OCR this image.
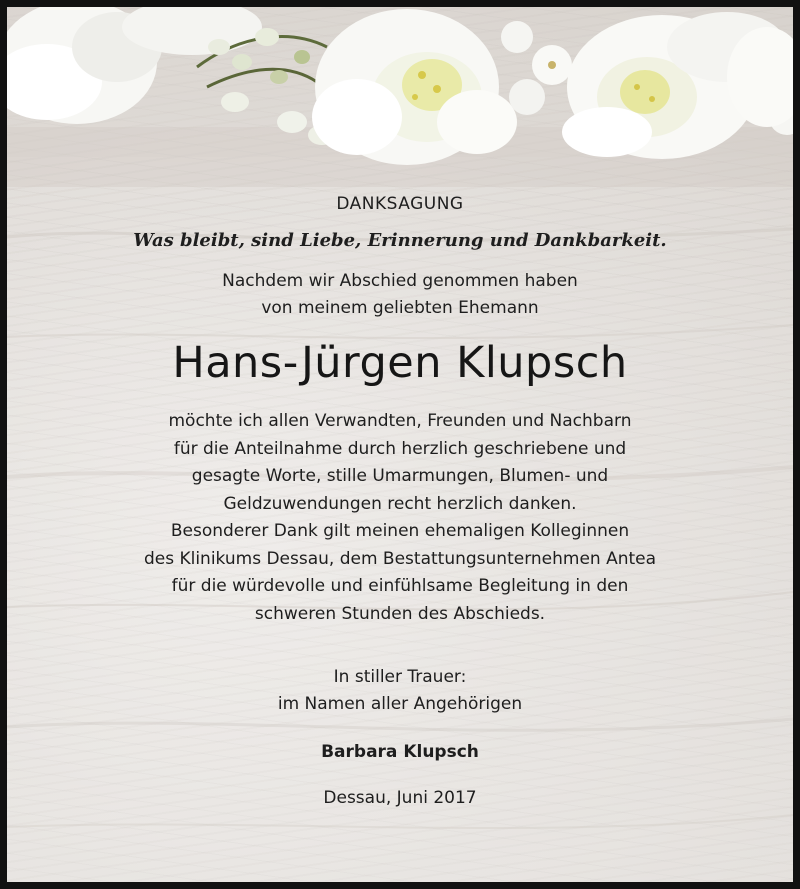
DANKSAGUNG
Was bleibt, sind Liebe, Erinnerung und Dankbarkeit.
Nachdem wir Abschied genommen haben
von meinem geliebten Ehemann
Hans-Jürgen Klupsch
möchte ich allen Verwandten, Freunden und Nachbarn
für die Anteilnahme durch herzlich geschriebene und
gesagte Worte, stille Umarmungen, Blumen- und
Geldzuwendungen recht herzlich danken.
Besonderer Dank gilt meinen ehemaligen Kolleginnen
des Klinikums Dessau, dem Bestattungsunternehmen Antea
für die würdevolle und einfühlsame Begleitung in den
schweren Stunden des Abschieds.
In stiller Trauer:
im Namen aller Angehörigen
Barbara Klupsch
Dessau, Juni 2017
